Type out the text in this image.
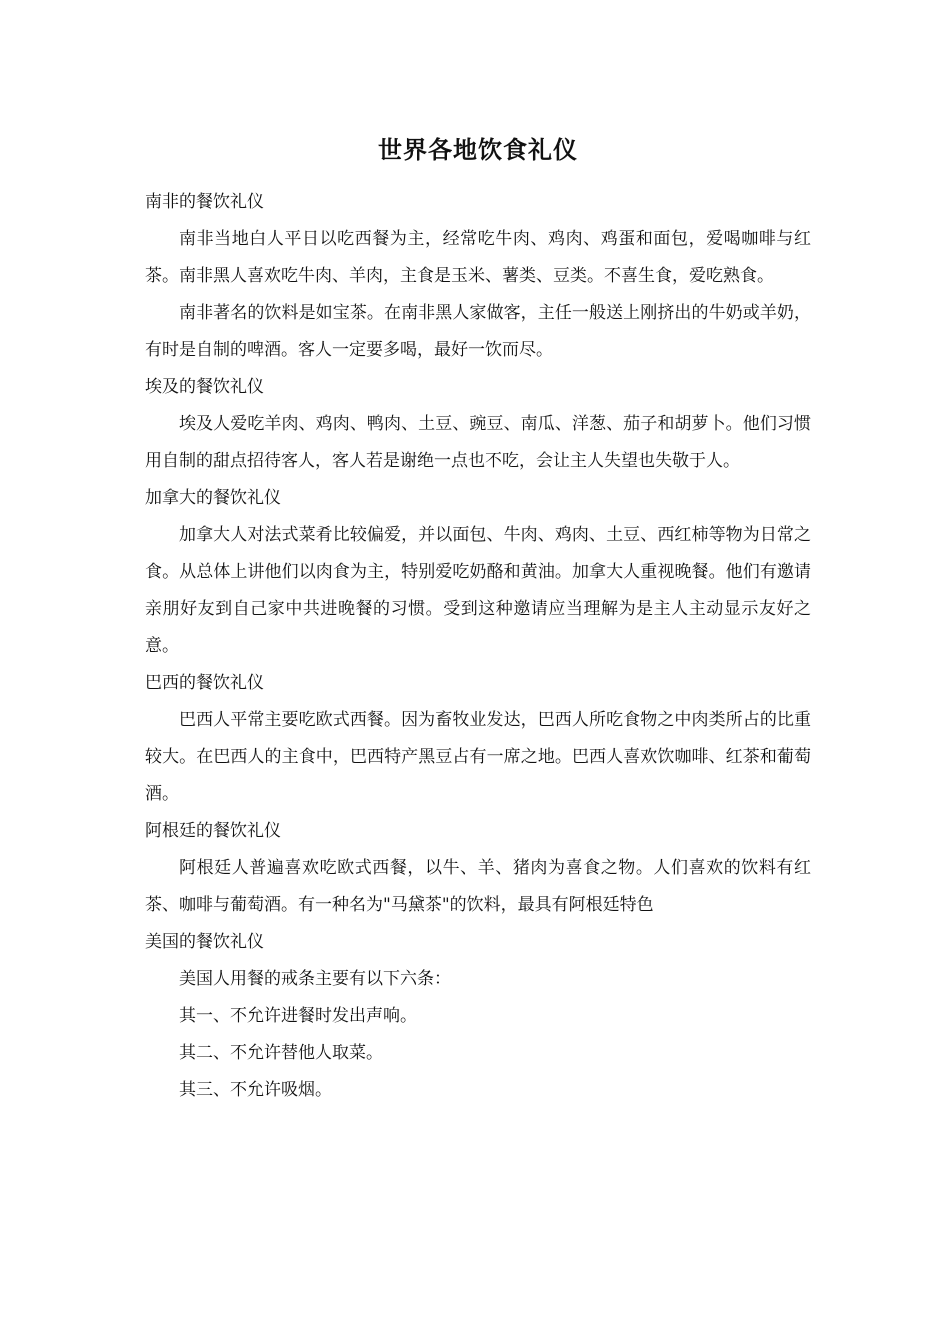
世界各地饮食礼仪

南非的餐饮礼仪

南非当地白人平日以吃西餐为主，经常吃牛肉、鸡肉、鸡蛋和面包，爱喝咖啡与红茶。南非黑人喜欢吃牛肉、羊肉，主食是玉米、薯类、豆类。不喜生食，爱吃熟食。

南非著名的饮料是如宝茶。在南非黑人家做客，主任一般送上刚挤出的牛奶或羊奶，有时是自制的啤酒。客人一定要多喝，最好一饮而尽。

埃及的餐饮礼仪

埃及人爱吃羊肉、鸡肉、鸭肉、土豆、豌豆、南瓜、洋葱、茄子和胡萝卜。他们习惯用自制的甜点招待客人，客人若是谢绝一点也不吃，会让主人失望也失敬于人。

加拿大的餐饮礼仪

加拿大人对法式菜肴比较偏爱，并以面包、牛肉、鸡肉、土豆、西红柿等物为日常之食。从总体上讲他们以肉食为主，特别爱吃奶酪和黄油。加拿大人重视晚餐。他们有邀请亲朋好友到自己家中共进晚餐的习惯。受到这种邀请应当理解为是主人主动显示友好之意。

巴西的餐饮礼仪

巴西人平常主要吃欧式西餐。因为畜牧业发达，巴西人所吃食物之中肉类所占的比重较大。在巴西人的主食中，巴西特产黑豆占有一席之地。巴西人喜欢饮咖啡、红茶和葡萄酒。

阿根廷的餐饮礼仪

阿根廷人普遍喜欢吃欧式西餐，以牛、羊、猪肉为喜食之物。人们喜欢的饮料有红茶、咖啡与葡萄酒。有一种名为"马黛茶"的饮料，最具有阿根廷特色

美国的餐饮礼仪

美国人用餐的戒条主要有以下六条：

其一、不允许进餐时发出声响。

其二、不允许替他人取菜。

其三、不允许吸烟。
